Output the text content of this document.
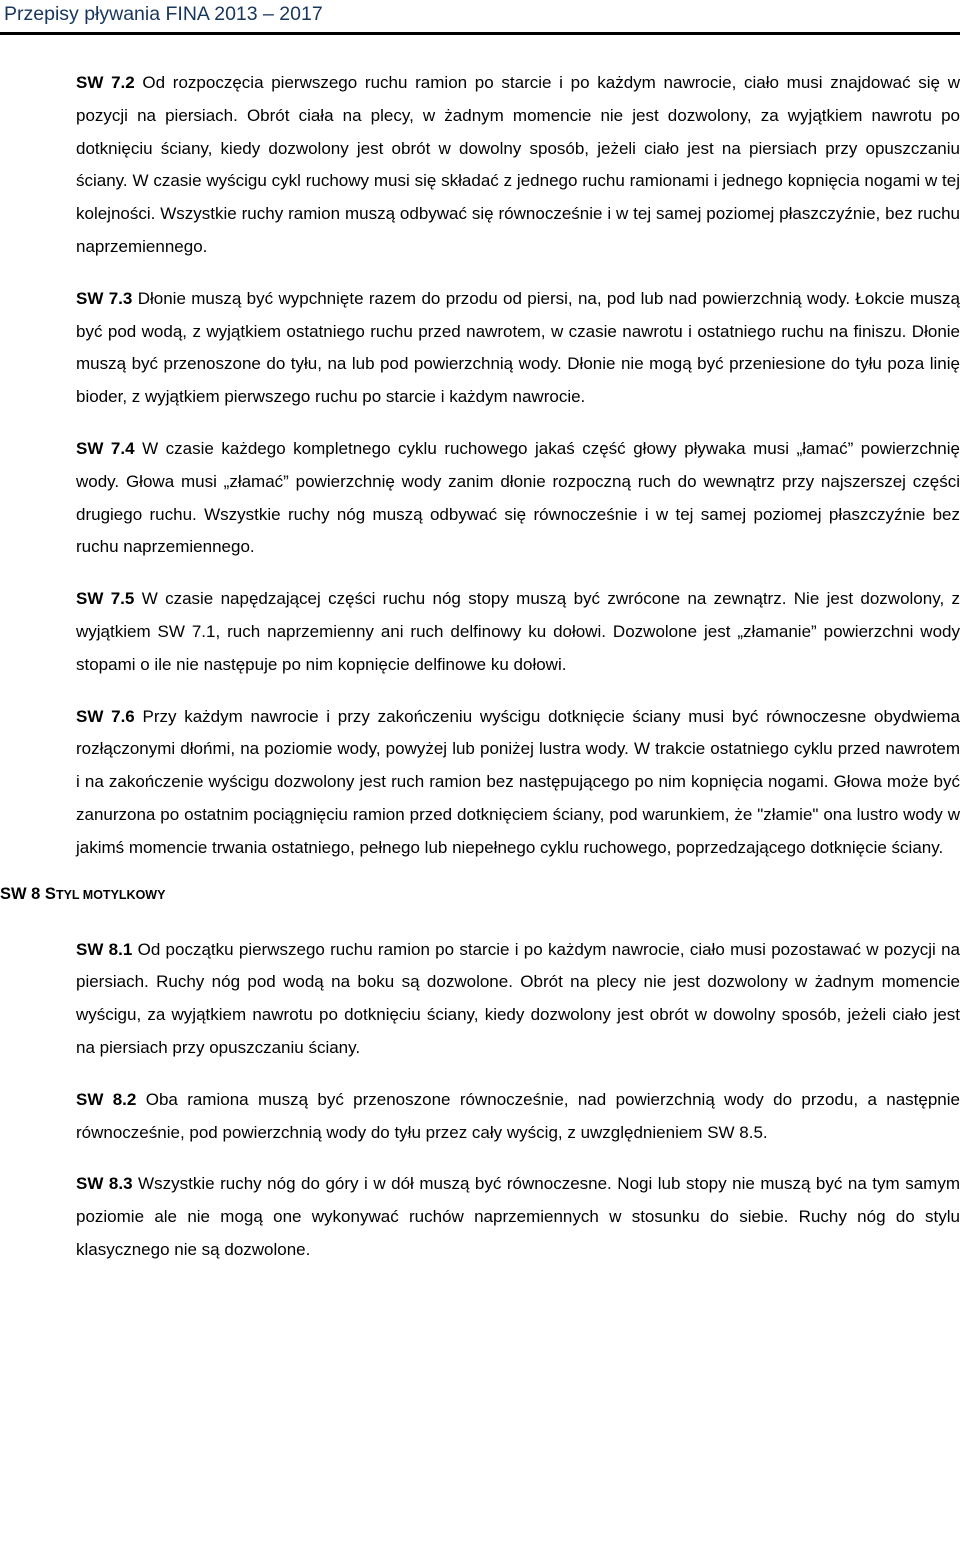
Przepisy pływania FINA 2013 – 2017

SW 7.2 Od rozpoczęcia pierwszego ruchu ramion po starcie i po każdym nawrocie, ciało musi znajdować się w pozycji na piersiach. Obrót ciała na plecy, w żadnym momencie nie jest dozwolony, za wyjątkiem nawrotu po dotknięciu ściany, kiedy dozwolony jest obrót w dowolny sposób, jeżeli ciało jest na piersiach przy opuszczaniu ściany. W czasie wyścigu cykl ruchowy musi się składać z jednego ruchu ramionami i jednego kopnięcia nogami w tej kolejności. Wszystkie ruchy ramion muszą odbywać się równocześnie i w tej samej poziomej płaszczyźnie, bez ruchu naprzemiennego.

SW 7.3 Dłonie muszą być wypchnięte razem do przodu od piersi, na, pod lub nad powierzchnią wody. Łokcie muszą być pod wodą, z wyjątkiem ostatniego ruchu przed nawrotem, w czasie nawrotu i ostatniego ruchu na finiszu. Dłonie muszą być przenoszone do tyłu, na lub pod powierzchnią wody. Dłonie nie mogą być przeniesione do tyłu poza linię bioder, z wyjątkiem pierwszego ruchu po starcie i każdym nawrocie.

SW 7.4 W czasie każdego kompletnego cyklu ruchowego jakaś część głowy pływaka musi „łamać” powierzchnię wody. Głowa musi „złamać” powierzchnię wody zanim dłonie rozpoczną ruch do wewnątrz przy najszerszej części drugiego ruchu. Wszystkie ruchy nóg muszą odbywać się równocześnie i w tej samej poziomej płaszczyźnie bez ruchu naprzemiennego.

SW 7.5 W czasie napędzającej części ruchu nóg stopy muszą być zwrócone na zewnątrz. Nie jest dozwolony, z wyjątkiem SW 7.1, ruch naprzemienny ani ruch delfinowy ku dołowi. Dozwolone jest „złamanie” powierzchni wody stopami o ile nie następuje po nim kopnięcie delfinowe ku dołowi.

SW 7.6 Przy każdym nawrocie i przy zakończeniu wyścigu dotknięcie ściany musi być równoczesne obydwiema rozłączonymi dłońmi, na poziomie wody, powyżej lub poniżej lustra wody. W trakcie ostatniego cyklu przed nawrotem i na zakończenie wyścigu dozwolony jest ruch ramion bez następującego po nim kopnięcia nogami. Głowa może być zanurzona po ostatnim pociągnięciu ramion przed dotknięciem ściany, pod warunkiem, że "złamie" ona lustro wody w jakimś momencie trwania ostatniego, pełnego lub niepełnego cyklu ruchowego, poprzedzającego dotknięcie ściany.

SW 8 STYL MOTYLKOWY

SW 8.1 Od początku pierwszego ruchu ramion po starcie i po każdym nawrocie, ciało musi pozostawać w pozycji na piersiach. Ruchy nóg pod wodą na boku są dozwolone. Obrót na plecy nie jest dozwolony w żadnym momencie wyścigu, za wyjątkiem nawrotu po dotknięciu ściany, kiedy dozwolony jest obrót w dowolny sposób, jeżeli ciało jest na piersiach przy opuszczaniu ściany.

SW 8.2 Oba ramiona muszą być przenoszone równocześnie, nad powierzchnią wody do przodu, a następnie równocześnie, pod powierzchnią wody do tyłu przez cały wyścig, z uwzględnieniem SW 8.5.

SW 8.3 Wszystkie ruchy nóg do góry i w dół muszą być równoczesne. Nogi lub stopy nie muszą być na tym samym poziomie ale nie mogą one wykonywać ruchów naprzemiennych w stosunku do siebie. Ruchy nóg do stylu klasycznego nie są dozwolone.
